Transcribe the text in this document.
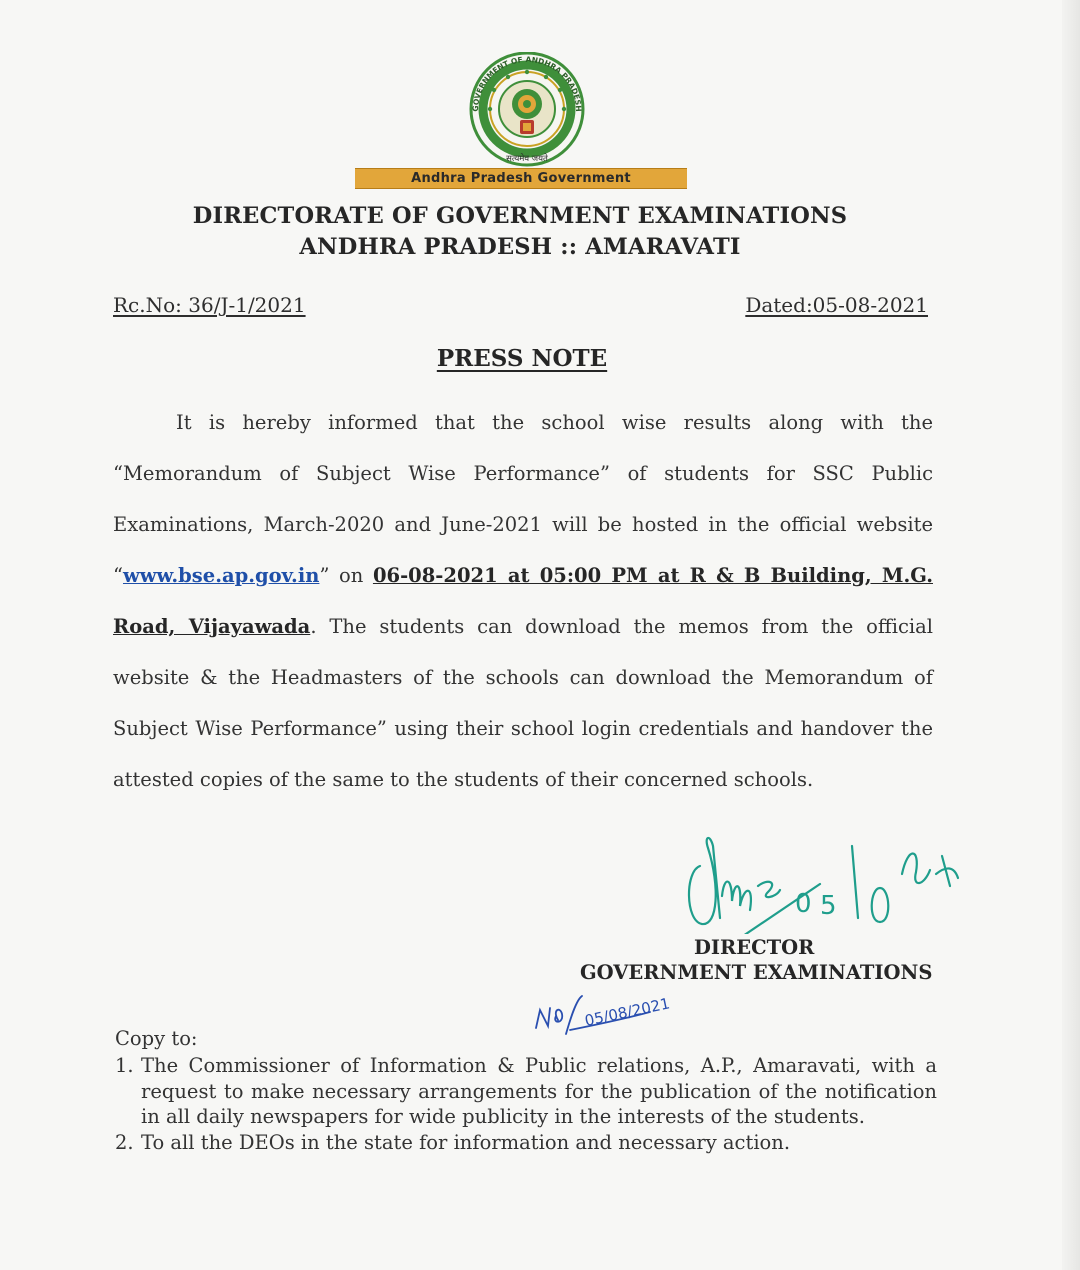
GOVERNMENT OF ANDHRA PRADESH
सत्यमेव जयते
Andhra Pradesh Government
DIRECTORATE OF GOVERNMENT EXAMINATIONS
ANDHRA PRADESH :: AMARAVATI
Rc.No: 36/J-1/2021	Dated:05-08-2021
PRESS NOTE
It is hereby informed that the school wise results along with the “Memorandum of Subject Wise Performance” of students for SSC Public Examinations, March-2020 and June-2021 will be hosted in the official website “www.bse.ap.gov.in” on 06-08-2021 at 05:00 PM at R & B Building, M.G. Road, Vijayawada. The students can download the memos from the official website & the Headmasters of the schools can download the Memorandum of Subject Wise Performance” using their school login credentials and handover the attested copies of the same to the students of their concerned schools.
0 5
DIRECTOR
GOVERNMENT EXAMINATIONS
05/08/2021
Copy to:
1. The Commissioner of Information & Public relations, A.P., Amaravati, with a request to make necessary arrangements for the publication of the notification in all daily newspapers for wide publicity in the interests of the students.
2. To all the DEOs in the state for information and necessary action.
